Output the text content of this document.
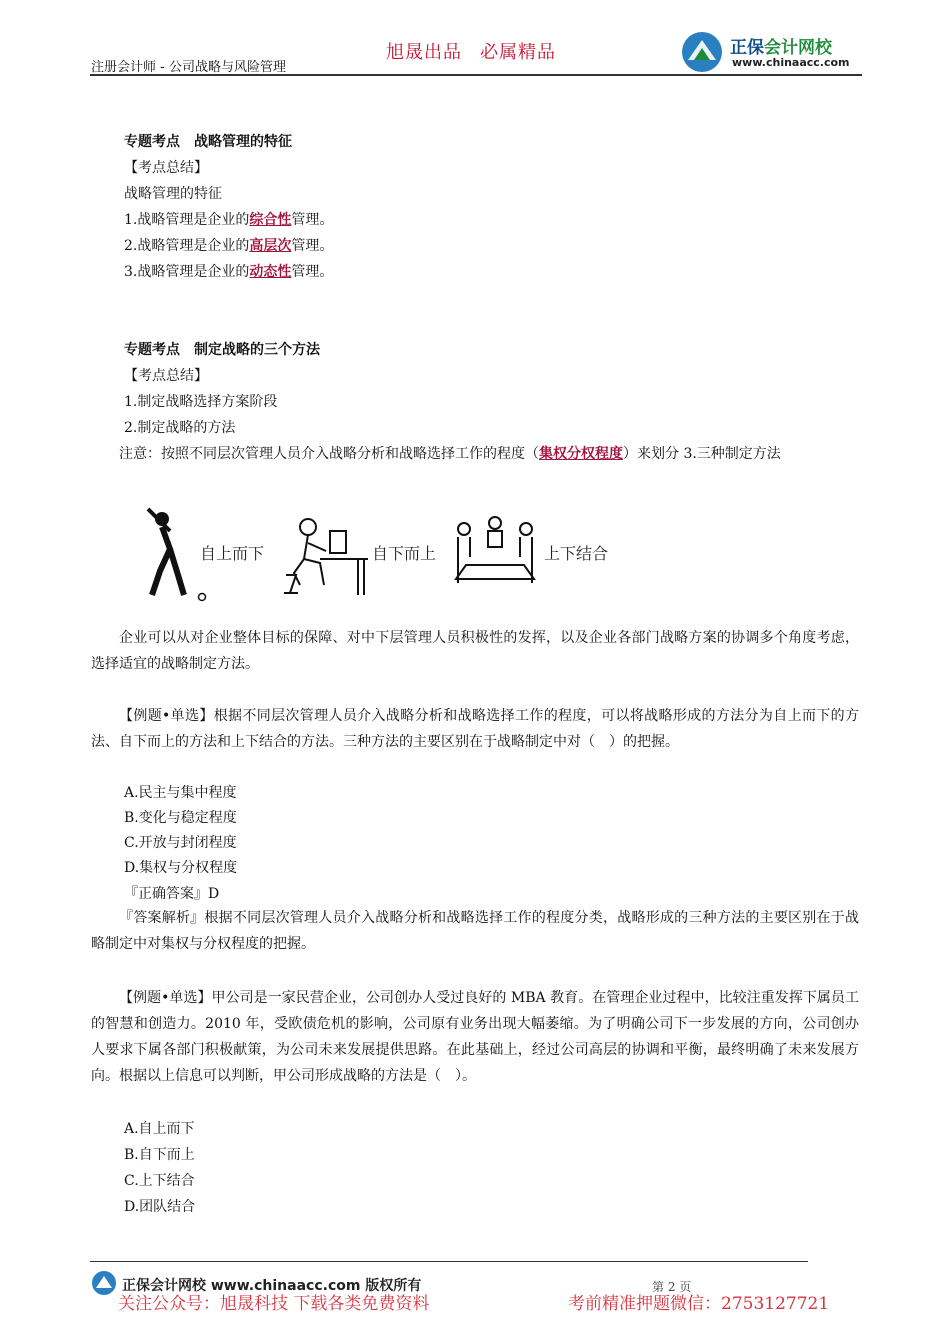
旭晟出品 必属精品
注册会计师 - 公司战略与风险管理
正保会计网校
www.chinaacc.com
专题考点　战略管理的特征
【考点总结】
战略管理的特征
1.战略管理是企业的综合性管理。
2.战略管理是企业的高层次管理。
3.战略管理是企业的动态性管理。
专题考点　制定战略的三个方法
【考点总结】
1.制定战略选择方案阶段
2.制定战略的方法
注意：按照不同层次管理人员介入战略分析和战略选择工作的程度（集权分权程度）来划分 3.三种制定方法
自上而下	自下而上	上下结合
企业可以从对企业整体目标的保障、对中下层管理人员积极性的发挥，以及企业各部门战略方案的协调多个角度考虑，选择适宜的战略制定方法。
【例题•单选】根据不同层次管理人员介入战略分析和战略选择工作的程度，可以将战略形成的方法分为自上而下的方法、自下而上的方法和上下结合的方法。三种方法的主要区别在于战略制定中对（　）的把握。
A.民主与集中程度
B.变化与稳定程度
C.开放与封闭程度
D.集权与分权程度
『正确答案』D
『答案解析』根据不同层次管理人员介入战略分析和战略选择工作的程度分类，战略形成的三种方法的主要区别在于战略制定中对集权与分权程度的把握。
【例题•单选】甲公司是一家民营企业，公司创办人受过良好的 MBA 教育。在管理企业过程中，比较注重发挥下属员工的智慧和创造力。2010 年，受欧债危机的影响，公司原有业务出现大幅萎缩。为了明确公司下一步发展的方向，公司创办人要求下属各部门积极献策，为公司未来发展提供思路。在此基础上，经过公司高层的协调和平衡，最终明确了未来发展方向。根据以上信息可以判断，甲公司形成战略的方法是（　）。
A.自上而下
B.自下而上
C.上下结合
D.团队结合
正保会计网校 www.chinaacc.com 版权所有	第 2 页
关注公众号：旭晟科技 下载各类免费资料	考前精准押题微信：2753127721
